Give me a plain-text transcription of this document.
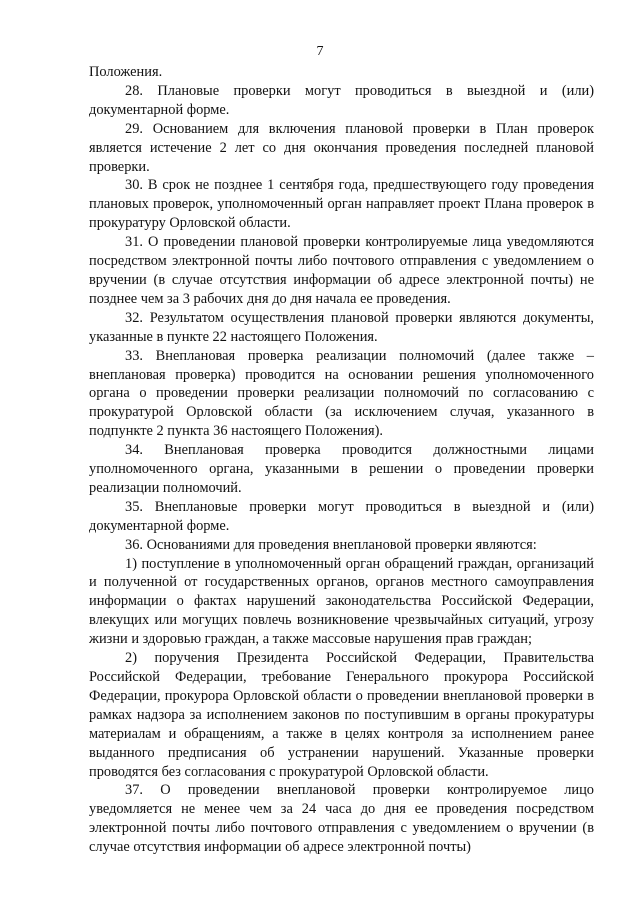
7

Положения.

28. Плановые проверки могут проводиться в выездной и (или) документарной форме.

29. Основанием для включения плановой проверки в План проверок является истечение 2 лет со дня окончания проведения последней плановой проверки.

30. В срок не позднее 1 сентября года, предшествующего году проведения плановых проверок, уполномоченный орган направляет проект Плана проверок в прокуратуру Орловской области.

31. О проведении плановой проверки контролируемые лица уведомляются посредством электронной почты либо почтового отправления с уведомлением о вручении (в случае отсутствия информации об адресе электронной почты) не позднее чем за 3 рабочих дня до дня начала ее проведения.

32. Результатом осуществления плановой проверки являются документы, указанные в пункте 22 настоящего Положения.

33. Внеплановая проверка реализации полномочий (далее также – внеплановая проверка) проводится на основании решения уполномоченного органа о проведении проверки реализации полномочий по согласованию с прокуратурой Орловской области (за исключением случая, указанного в подпункте 2 пункта 36 настоящего Положения).

34. Внеплановая проверка проводится должностными лицами уполномоченного органа, указанными в решении о проведении проверки реализации полномочий.

35. Внеплановые проверки могут проводиться в выездной и (или) документарной форме.

36. Основаниями для проведения внеплановой проверки являются:

1) поступление в уполномоченный орган обращений граждан, организаций и полученной от государственных органов, органов местного самоуправления информации о фактах нарушений законодательства Российской Федерации, влекущих или могущих повлечь возникновение чрезвычайных ситуаций, угрозу жизни и здоровью граждан, а также массовые нарушения прав граждан;

2) поручения Президента Российской Федерации, Правительства Российской Федерации, требование Генерального прокурора Российской Федерации, прокурора Орловской области о проведении внеплановой проверки в рамках надзора за исполнением законов по поступившим в органы прокуратуры материалам и обращениям, а также в целях контроля за исполнением ранее выданного предписания об устранении нарушений. Указанные проверки проводятся без согласования с прокуратурой Орловской области.

37. О проведении внеплановой проверки контролируемое лицо уведомляется не менее чем за 24 часа до дня ее проведения посредством электронной почты либо почтового отправления с уведомлением о вручении (в случае отсутствия информации об адресе электронной почты)
